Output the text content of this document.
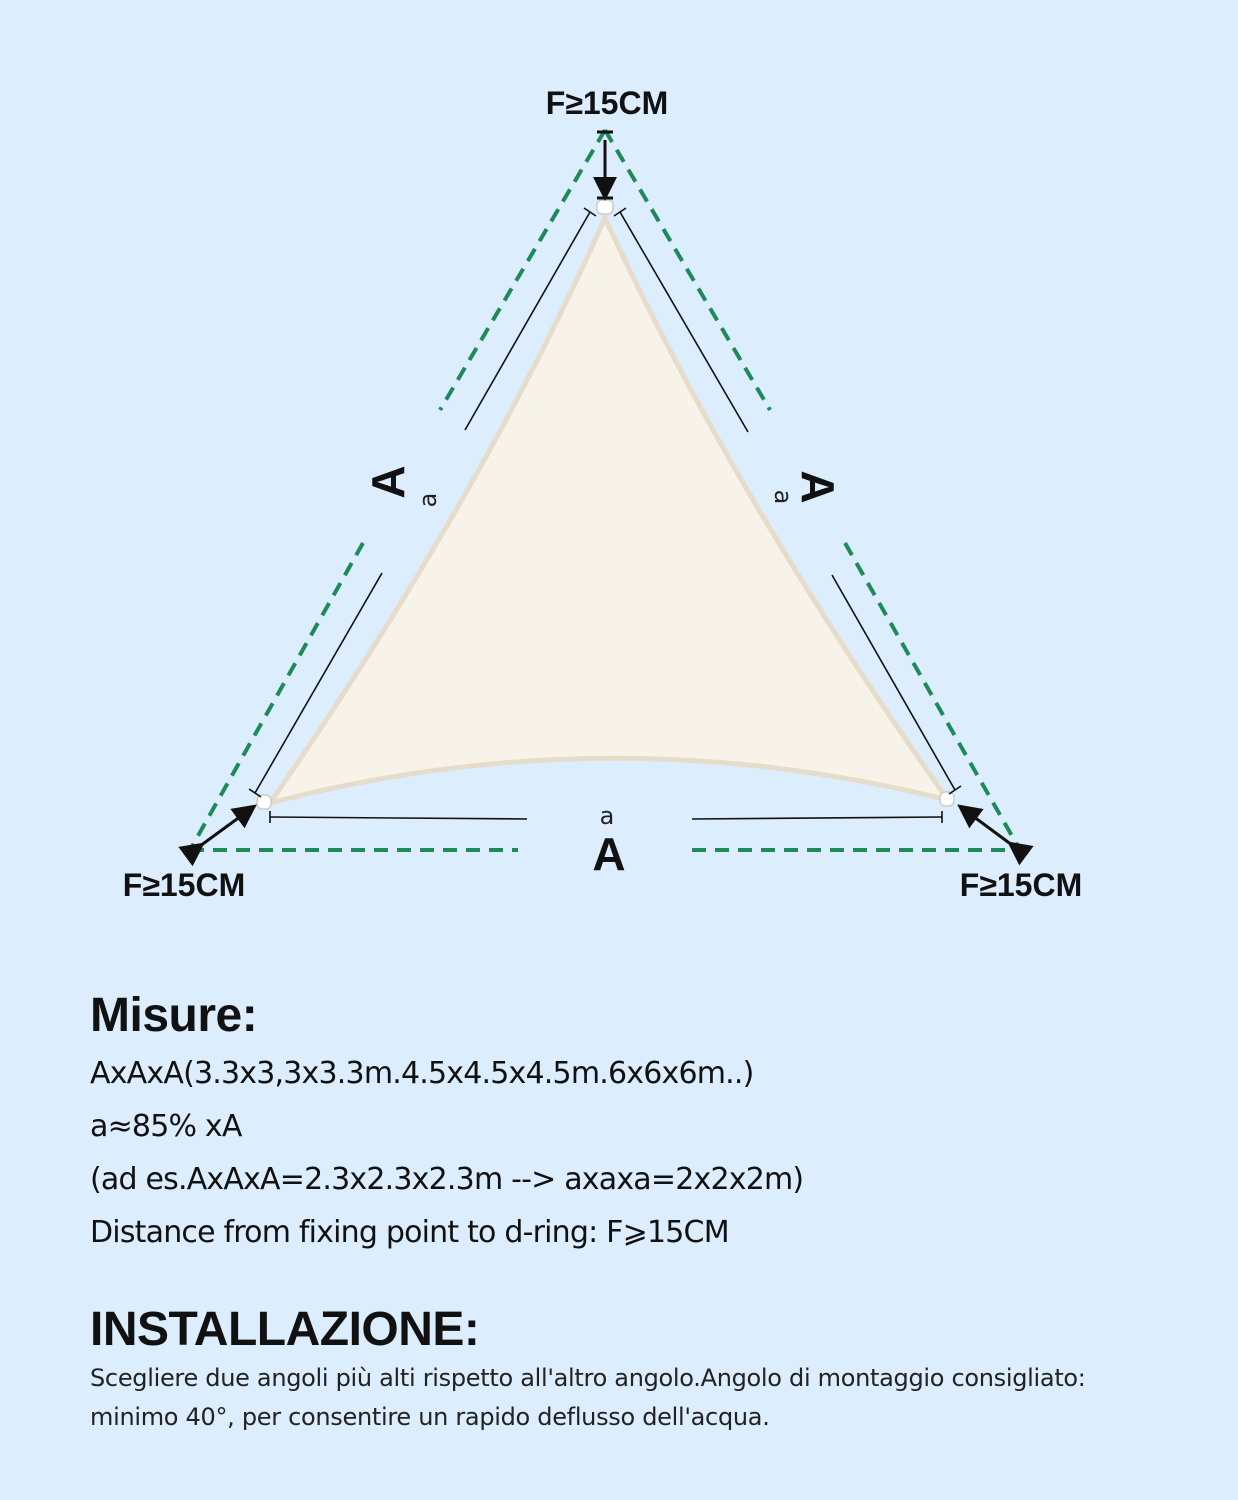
F≥15CM
F≥15CM	F≥15CM
A
a
A
a	A
a
Misure:
AxAxA(3.3x3,3x3.3m.4.5x4.5x4.5m.6x6x6m..)
a≈85% xA
(ad es.AxAxA=2.3x2.3x2.3m --> axaxa=2x2x2m)
Distance from fixing point to d-ring: F⩾15CM
INSTALLAZIONE:
Scegliere due angoli più alti rispetto all'altro angolo.Angolo di montaggio consigliato:
minimo 40°, per consentire un rapido deflusso dell'acqua.
